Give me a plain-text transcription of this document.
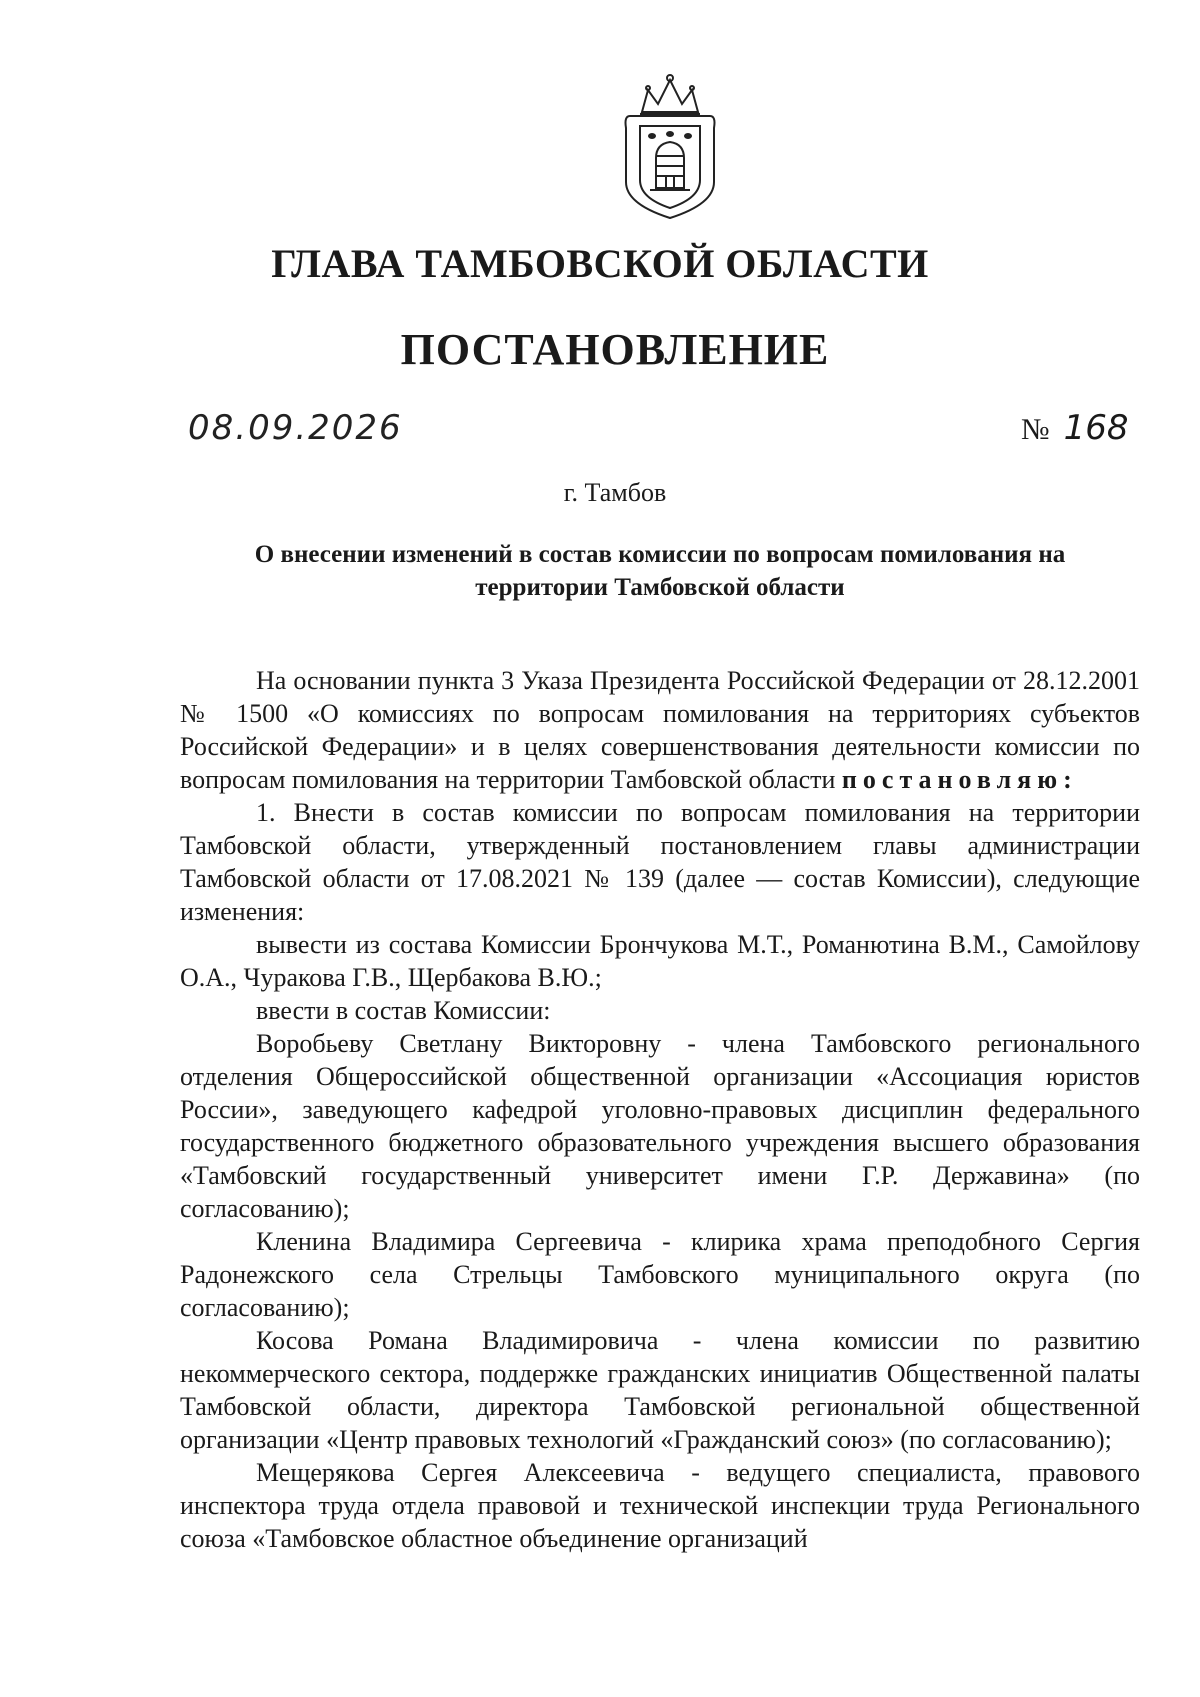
ГЛАВА ТАМБОВСКОЙ ОБЛАСТИ
ПОСТАНОВЛЕНИЕ
08.09.2026	№ 168
г. Тамбов
О внесении изменений в состав комиссии по вопросам помилования на
территории Тамбовской области

На основании пункта 3 Указа Президента Российской Федерации от 28.12.2001 № 1500 «О комиссиях по вопросам помилования на территориях субъектов Российской Федерации» и в целях совершенствования деятельности комиссии по вопросам помилования на территории Тамбовской области постановляю:

1. Внести в состав комиссии по вопросам помилования на территории Тамбовской области, утвержденный постановлением главы администрации Тамбовской области от 17.08.2021 № 139 (далее — состав Комиссии), следующие изменения:

вывести из состава Комиссии Брончукова М.Т., Романютина В.М., Самойлову О.А., Чуракова Г.В., Щербакова В.Ю.;

ввести в состав Комиссии:

Воробьеву Светлану Викторовну - члена Тамбовского регионального отделения Общероссийской общественной организации «Ассоциация юристов России», заведующего кафедрой уголовно-правовых дисциплин федерального государственного бюджетного образовательного учреждения высшего образования «Тамбовский государственный университет имени Г.Р. Державина» (по согласованию);

Кленина Владимира Сергеевича - клирика храма преподобного Сергия Радонежского села Стрельцы Тамбовского муниципального округа (по согласованию);

Косова Романа Владимировича - члена комиссии по развитию некоммерческого сектора, поддержке гражданских инициатив Общественной палаты Тамбовской области, директора Тамбовской региональной общественной организации «Центр правовых технологий «Гражданский союз» (по согласованию);

Мещерякова Сергея Алексеевича - ведущего специалиста, правового инспектора труда отдела правовой и технической инспекции труда Регионального союза «Тамбовское областное объединение организаций
